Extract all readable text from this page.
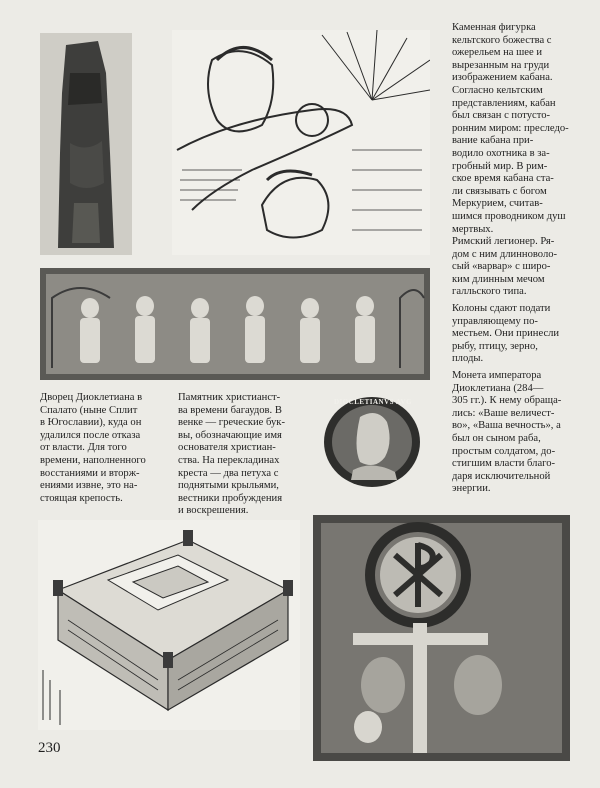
Каменная фигурка
кельтского божества с
ожерельем на шее и
вырезанным на груди
изображением кабана.
Согласно кельтским
представлениям, кабан
был связан с потусто-
ронним миром: преследо-
вание кабана при-
водило охотника в за-
гробный мир. В рим-
ское время кабана ста-
ли связывать с богом
Меркурием, считав-
шимся проводником душ
мертвых.

Римский легионер. Ря-
дом с ним длинноволо-
сый «варвар» с широ-
ким длинным мечом
галльского типа.

Колоны сдают подати
управляющему по-
местьем. Они принесли
рыбу, птицу, зерно,
плоды.

Дворец Диоклетиана в
Спалато (ныне Сплит
в Югославии), куда он
удалился после отказа
от власти. Для того
времени, наполненного
восстаниями и вторж-
ениями извне, это на-
стоящая крепость.

Памятник христианст-
ва времени багаудов. В
венке — греческие бук-
вы, обозначающие имя
основателя христиан-
ства. На перекладинах
креста — два петуха с
поднятыми крыльями,
вестники пробуждения
и воскрешения.

DIOCLETIANVS AVG

Монета императора
Диоклетиана (284—
305 гг.). К нему обраща-
лись: «Ваше величест-
во», «Ваша вечность», а
был он сыном раба,
простым солдатом, до-
стигшим власти благо-
даря исключительной
энергии.

230
